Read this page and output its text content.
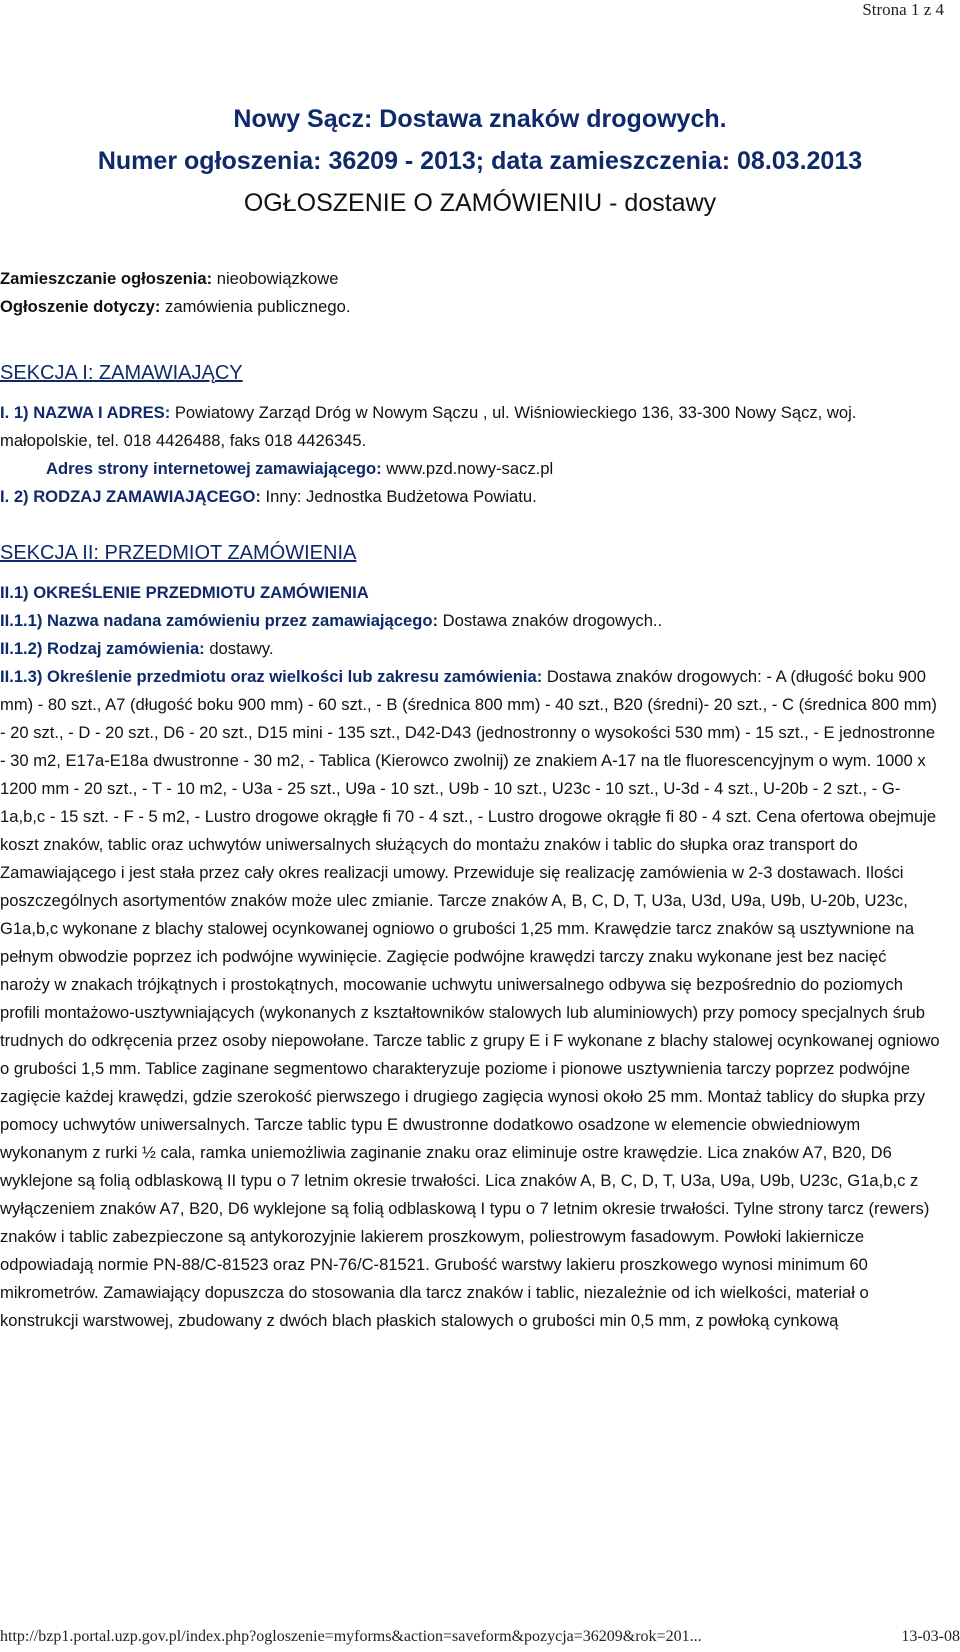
Strona 1 z 4
Nowy Sącz: Dostawa znaków drogowych.
Numer ogłoszenia: 36209 - 2013; data zamieszczenia: 08.03.2013
OGŁOSZENIE O ZAMÓWIENIU - dostawy

Zamieszczanie ogłoszenia: nieobowiązkowe

Ogłoszenie dotyczy: zamówienia publicznego.

SEKCJA I: ZAMAWIAJĄCY

I. 1) NAZWA I ADRES: Powiatowy Zarząd Dróg w Nowym Sączu , ul. Wiśniowieckiego 136, 33-300 Nowy Sącz, woj. małopolskie, tel. 018 4426488, faks 018 4426345.

Adres strony internetowej zamawiającego: www.pzd.nowy-sacz.pl

I. 2) RODZAJ ZAMAWIAJĄCEGO: Inny: Jednostka Budżetowa Powiatu.

SEKCJA II: PRZEDMIOT ZAMÓWIENIA

II.1) OKREŚLENIE PRZEDMIOTU ZAMÓWIENIA

II.1.1) Nazwa nadana zamówieniu przez zamawiającego: Dostawa znaków drogowych..

II.1.2) Rodzaj zamówienia: dostawy.

II.1.3) Określenie przedmiotu oraz wielkości lub zakresu zamówienia: Dostawa znaków drogowych: - A (długość boku 900 mm) - 80 szt., A7 (długość boku 900 mm) - 60 szt., - B (średnica 800 mm) - 40 szt., B20 (średni)- 20 szt., - C (średnica 800 mm) - 20 szt., - D - 20 szt., D6 - 20 szt., D15 mini - 135 szt., D42-D43 (jednostronny o wysokości 530 mm) - 15 szt., - E jednostronne - 30 m2, E17a-E18a dwustronne - 30 m2, - Tablica (Kierowco zwolnij) ze znakiem A-17 na tle fluorescencyjnym o wym. 1000 x 1200 mm - 20 szt., - T - 10 m2, - U3a - 25 szt., U9a - 10 szt., U9b - 10 szt., U23c - 10 szt., U-3d - 4 szt., U-20b - 2 szt., - G-1a,b,c - 15 szt. - F - 5 m2, - Lustro drogowe okrągłe fi 70 - 4 szt., - Lustro drogowe okrągłe fi 80 - 4 szt. Cena ofertowa obejmuje koszt znaków, tablic oraz uchwytów uniwersalnych służących do montażu znaków i tablic do słupka oraz transport do Zamawiającego i jest stała przez cały okres realizacji umowy. Przewiduje się realizację zamówienia w 2-3 dostawach. Ilości poszczególnych asortymentów znaków może ulec zmianie. Tarcze znaków A, B, C, D, T, U3a, U3d, U9a, U9b, U-20b, U23c, G1a,b,c wykonane z blachy stalowej ocynkowanej ogniowo o grubości 1,25 mm. Krawędzie tarcz znaków są usztywnione na pełnym obwodzie poprzez ich podwójne wywinięcie. Zagięcie podwójne krawędzi tarczy znaku wykonane jest bez nacięć naroży w znakach trójkątnych i prostokątnych, mocowanie uchwytu uniwersalnego odbywa się bezpośrednio do poziomych profili montażowo-usztywniających (wykonanych z kształtowników stalowych lub aluminiowych) przy pomocy specjalnych śrub trudnych do odkręcenia przez osoby niepowołane. Tarcze tablic z grupy E i F wykonane z blachy stalowej ocynkowanej ogniowo o grubości 1,5 mm. Tablice zaginane segmentowo charakteryzuje poziome i pionowe usztywnienia tarczy poprzez podwójne zagięcie każdej krawędzi, gdzie szerokość pierwszego i drugiego zagięcia wynosi około 25 mm. Montaż tablicy do słupka przy pomocy uchwytów uniwersalnych. Tarcze tablic typu E dwustronne dodatkowo osadzone w elemencie obwiedniowym wykonanym z rurki ½ cala, ramka uniemożliwia zaginanie znaku oraz eliminuje ostre krawędzie. Lica znaków A7, B20, D6 wyklejone są folią odblaskową II typu o 7 letnim okresie trwałości. Lica znaków A, B, C, D, T, U3a, U9a, U9b, U23c, G1a,b,c z wyłączeniem znaków A7, B20, D6 wyklejone są folią odblaskową I typu o 7 letnim okresie trwałości. Tylne strony tarcz (rewers) znaków i tablic zabezpieczone są antykorozyjnie lakierem proszkowym, poliestrowym fasadowym. Powłoki lakiernicze odpowiadają normie PN-88/C-81523 oraz PN-76/C-81521. Grubość warstwy lakieru proszkowego wynosi minimum 60 mikrometrów. Zamawiający dopuszcza do stosowania dla tarcz znaków i tablic, niezależnie od ich wielkości, materiał o konstrukcji warstwowej, zbudowany z dwóch blach płaskich stalowych o grubości min 0,5 mm, z powłoką cynkową

http://bzp1.portal.uzp.gov.pl/index.php?ogloszenie=myforms&action=saveform&pozycja=36209&rok=201...	13-03-08
